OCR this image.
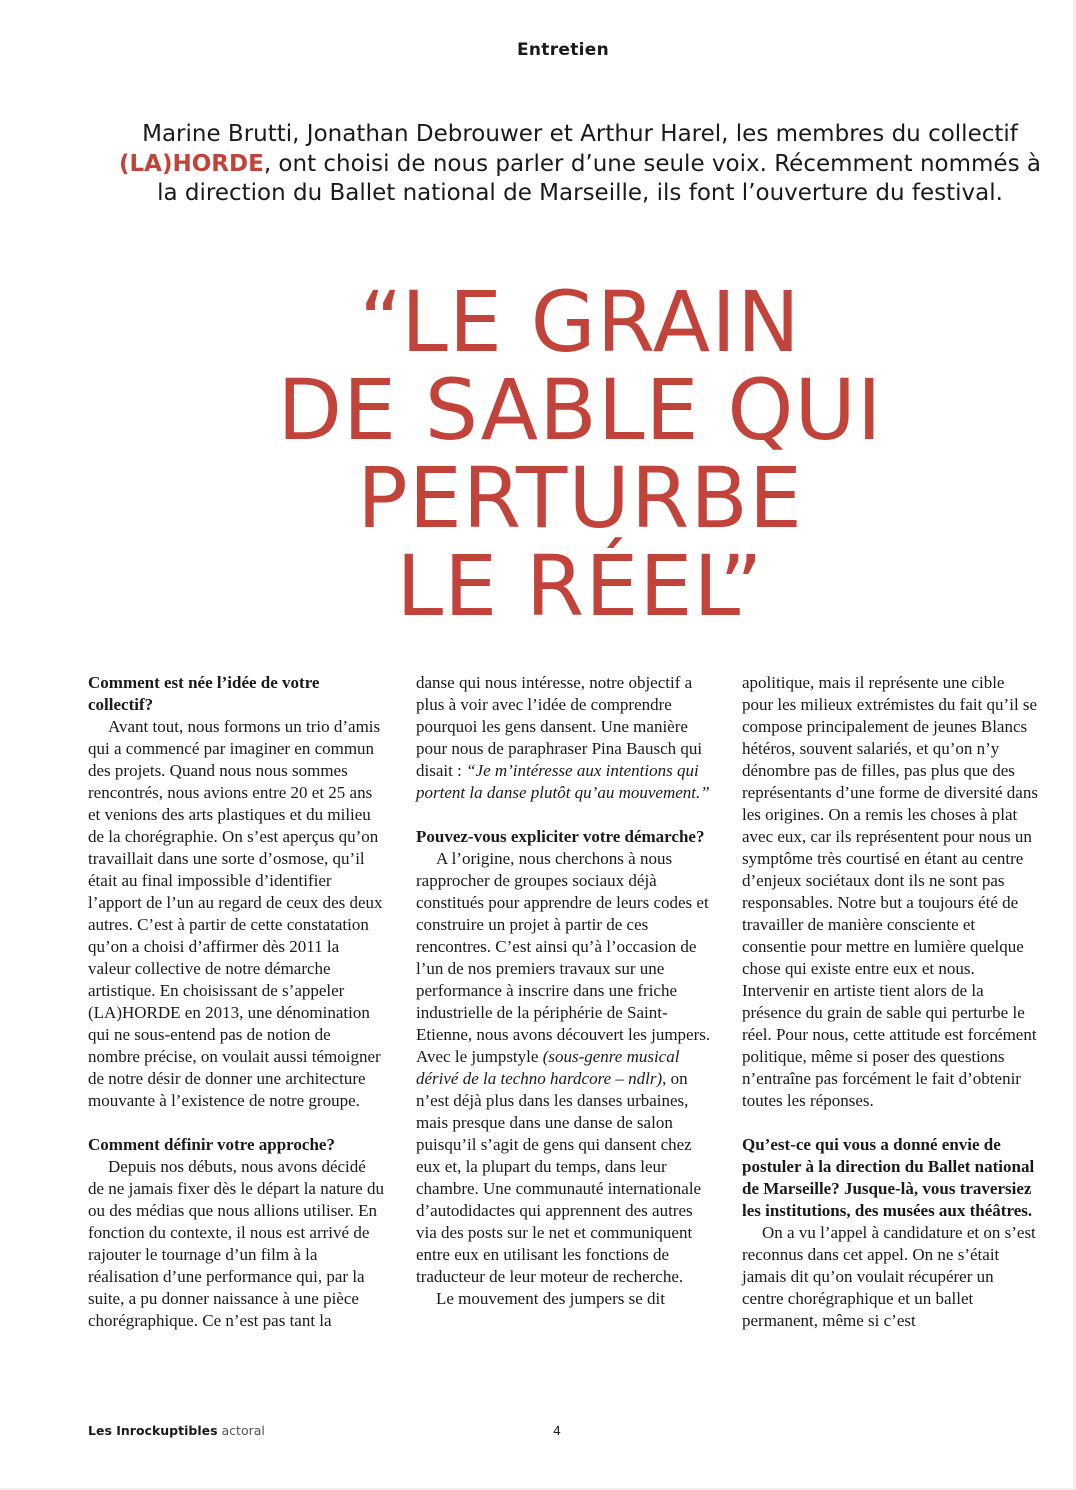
Entretien
Marine Brutti, Jonathan Debrouwer et Arthur Harel, les membres du collectif (LA)HORDE, ont choisi de nous parler d’une seule voix. Récemment nommés à la direction du Ballet national de Marseille, ils font l’ouverture du festival.
“LE GRAIN
DE SABLE QUI
PERTURBE
LE RÉEL”

Comment est née l’idée de votre collectif?

Avant tout, nous formons un trio d’amis qui a commencé par imaginer en commun des projets. Quand nous nous sommes rencontrés, nous avions entre 20 et 25 ans et venions des arts plastiques et du milieu de la chorégraphie. On s’est aperçus qu’on travaillait dans une sorte d’osmose, qu’il était au final impossible d’identifier l’apport de l’un au regard de ceux des deux autres. C’est à partir de cette constatation qu’on a choisi d’affirmer dès 2011 la valeur collective de notre démarche artistique. En choisissant de s’appeler (LA)HORDE en 2013, une dénomination qui ne sous-entend pas de notion de nombre précise, on voulait aussi témoigner de notre désir de donner une architecture mouvante à l’existence de notre groupe.

Comment définir votre approche?

Depuis nos débuts, nous avons décidé de ne jamais fixer dès le départ la nature du ou des médias que nous allions utiliser. En fonction du contexte, il nous est arrivé de rajouter le tournage d’un film à la réalisation d’une performance qui, par la suite, a pu donner naissance à une pièce chorégraphique. Ce n’est pas tant la

danse qui nous intéresse, notre objectif a plus à voir avec l’idée de comprendre pourquoi les gens dansent. Une manière pour nous de paraphraser Pina Bausch qui disait : “Je m’intéresse aux intentions qui portent la danse plutôt qu’au mouvement.”

Pouvez-vous expliciter votre démarche?

A l’origine, nous cherchons à nous rapprocher de groupes sociaux déjà constitués pour apprendre de leurs codes et construire un projet à partir de ces rencontres. C’est ainsi qu’à l’occasion de l’un de nos premiers travaux sur une performance à inscrire dans une friche industrielle de la périphérie de Saint-Etienne, nous avons découvert les jumpers. Avec le jumpstyle (sous-genre musical dérivé de la techno hardcore – ndlr), on n’est déjà plus dans les danses urbaines, mais presque dans une danse de salon puisqu’il s’agit de gens qui dansent chez eux et, la plupart du temps, dans leur chambre. Une communauté internationale d’autodidactes qui apprennent des autres via des posts sur le net et communiquent entre eux en utilisant les fonctions de traducteur de leur moteur de recherche.

Le mouvement des jumpers se dit

apolitique, mais il représente une cible pour les milieux extrémistes du fait qu’il se compose principalement de jeunes Blancs hétéros, souvent salariés, et qu’on n’y dénombre pas de filles, pas plus que des représentants d’une forme de diversité dans les origines. On a remis les choses à plat avec eux, car ils représentent pour nous un symptôme très courtisé en étant au centre d’enjeux sociétaux dont ils ne sont pas responsables. Notre but a toujours été de travailler de manière consciente et consentie pour mettre en lumière quelque chose qui existe entre eux et nous. Intervenir en artiste tient alors de la présence du grain de sable qui perturbe le réel. Pour nous, cette attitude est forcément politique, même si poser des questions n’entraîne pas forcément le fait d’obtenir toutes les réponses.

Qu’est-ce qui vous a donné envie de postuler à la direction du Ballet national de Marseille? Jusque-là, vous traversiez les institutions, des musées aux théâtres.

On a vu l’appel à candidature et on s’est reconnus dans cet appel. On ne s’était jamais dit qu’on voulait récupérer un centre chorégraphique et un ballet permanent, même si c’est

Les Inrockuptibles actoral	4
